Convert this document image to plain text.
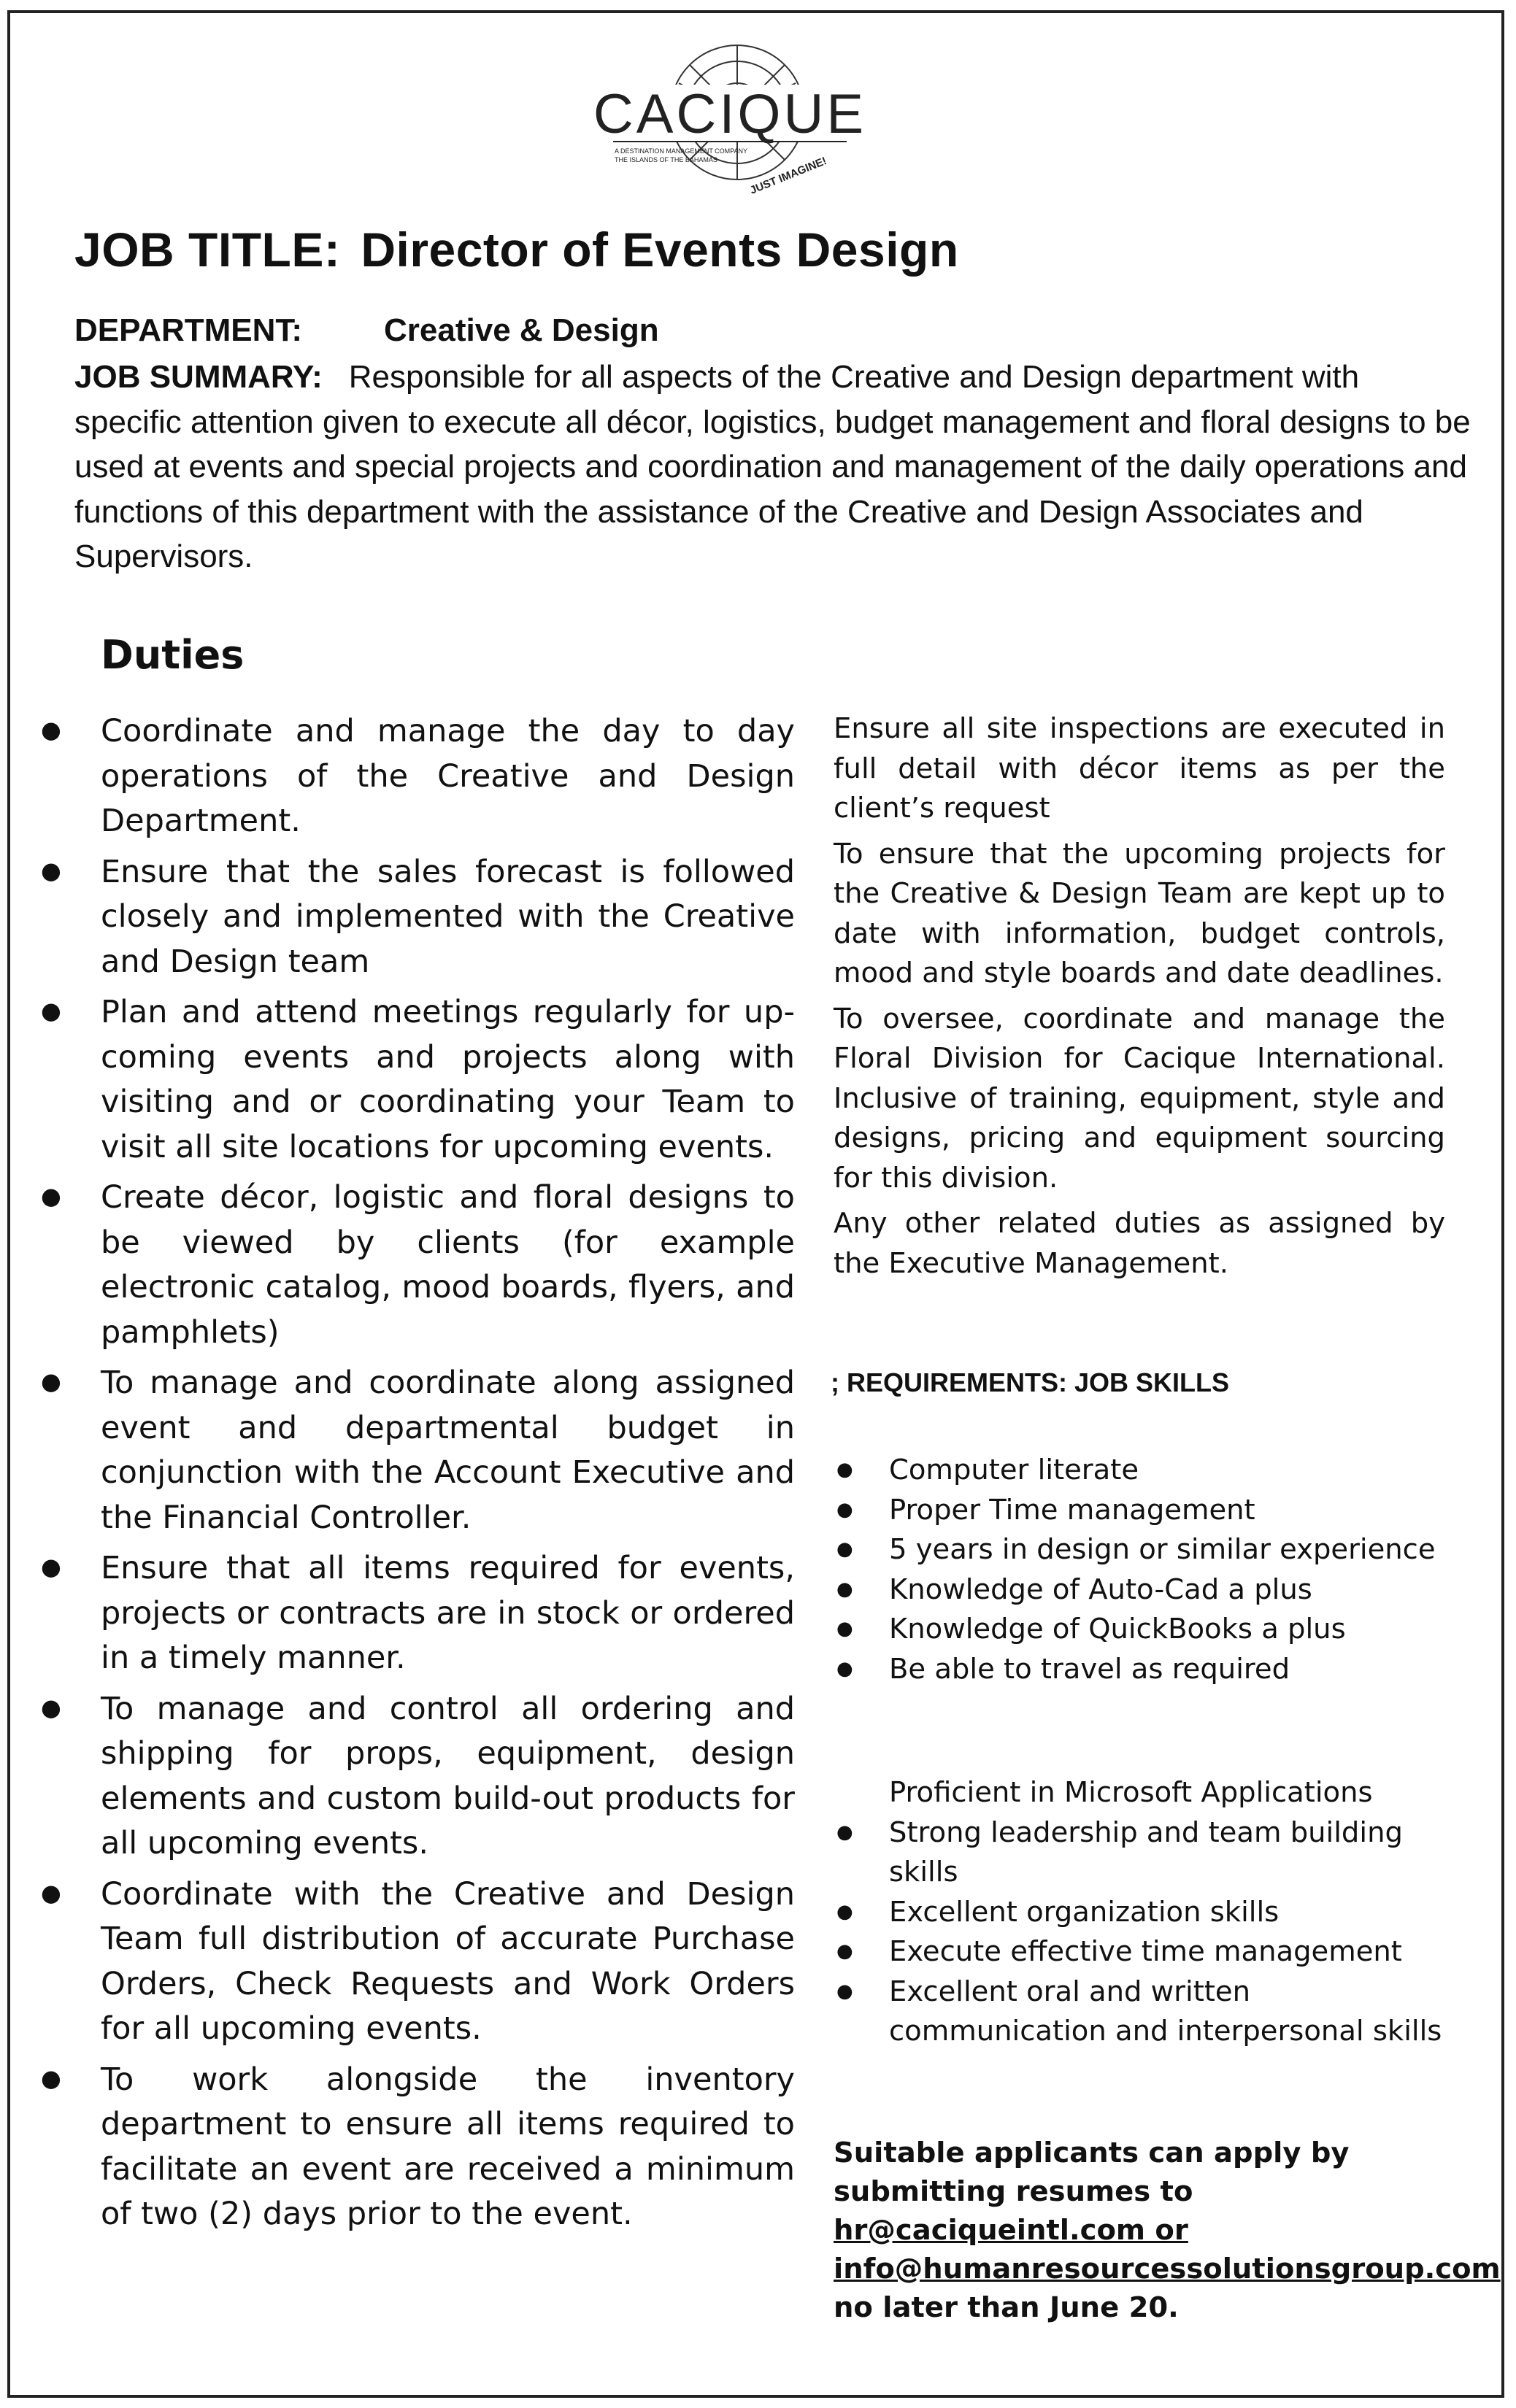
CACIQUE
A DESTINATION MANAGEMENT COMPANY
THE ISLANDS OF THE BAHAMAS	JUST IMAGINE!
JOB TITLE: Director of Events Design
DEPARTMENT:	Creative & Design
JOB SUMMARY: Responsible for all aspects of the Creative and Design department with specific attention given to execute all décor, logistics, budget management and floral designs to be used at events and special projects and coordination and management of the daily operations and functions of this department with the assistance of the Creative and Design Associates and Supervisors.
Duties
● Coordinate and manage the day to day operations of the Creative and Design Department.
● Ensure that the sales forecast is followed closely and implemented with the Creative and Design team
● Plan and attend meetings regularly for up-coming events and projects along with visiting and or coordinating your Team to visit all site locations for upcoming events.
● Create décor, logistic and floral designs to be viewed by clients (for example electronic catalog, mood boards, flyers, and pamphlets)
● To manage and coordinate along assigned event and departmental budget in conjunction with the Account Executive and the Financial Controller.
● Ensure that all items required for events, projects or contracts are in stock or ordered in a timely manner.
● To manage and control all ordering and shipping for props, equipment, design elements and custom build-out products for all upcoming events.
● Coordinate with the Creative and Design Team full distribution of accurate Purchase Orders, Check Requests and Work Orders for all upcoming events.
● To work alongside the inventory department to ensure all items required to facilitate an event are received a minimum of two (2) days prior to the event.

Ensure all site inspections are executed in full detail with décor items as per the client’s request

To ensure that the upcoming projects for the Creative & Design Team are kept up to date with information, budget controls, mood and style boards and date deadlines.

To oversee, coordinate and manage the Floral Division for Cacique International. Inclusive of training, equipment, style and designs, pricing and equipment sourcing for this division.

Any other related duties as assigned by the Executive Management.

; REQUIREMENTS: JOB SKILLS
● Computer literate
● Proper Time management
● 5 years in design or similar experience
● Knowledge of Auto-Cad a plus
● Knowledge of QuickBooks a plus
● Be able to travel as required
Proficient in Microsoft Applications
● Strong leadership and team building skills
● Excellent organization skills
● Execute effective time management
● Excellent oral and written communication and interpersonal skills
Suitable applicants can apply by submitting resumes to
hr@caciqueintl.com or
info@humanresourcessolutionsgroup.com
no later than June 20.
